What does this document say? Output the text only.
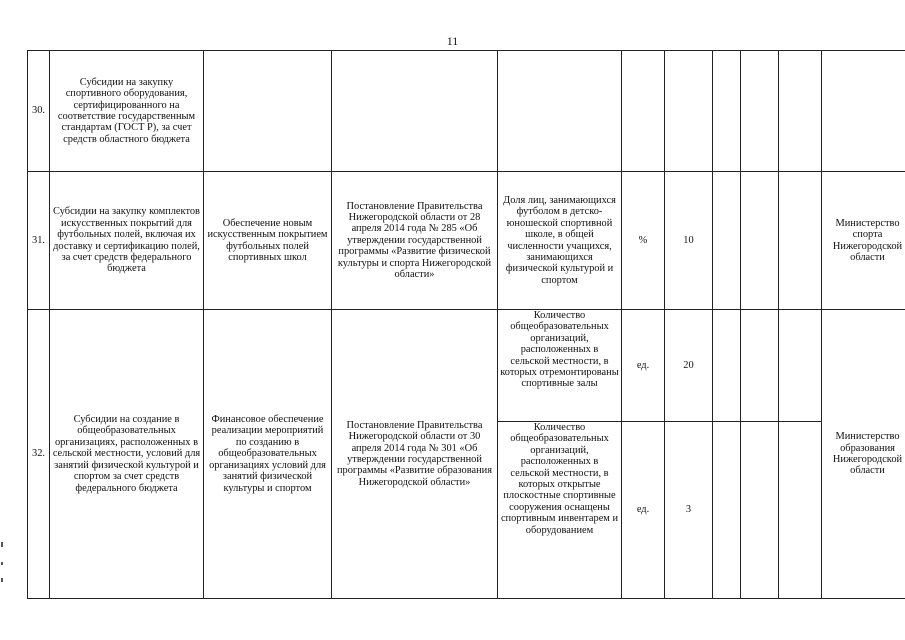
11
30.	Субсидии на закупку спортивного оборудования, сертифицированного на соответствие государственным стандартам (ГОСТ Р), за счет средств областного бюджета									
31.	Субсидии на закупку комплектов искусственных покрытий для футбольных полей, включая их доставку и сертификацию полей, за счет средств федерального бюджета	Обеспечение новым искусственным покрытием футбольных полей спортивных школ	Постановление Правительства Нижегородской области от 28 апреля 2014 года № 285 «Об утверждении государственной программы «Развитие физической культуры и спорта Нижегородской области»	Доля лиц, занимающихся футболом в детско-юношеской спортивной школе, в общей численности учащихся, занимающихся физической культурой и спортом	%	10				Министерство спорта Нижегородской области
32.	Субсидии на создание в общеобразовательных организациях, расположенных в сельской местности, условий для занятий физической культурой и спортом за счет средств федерального бюджета	Финансовое обеспечение реализации мероприятий по созданию в общеобразовательных организациях условий для занятий физической культуры и спортом	Постановление Правительства Нижегородской области от 30 апреля 2014 года № 301 «Об утверждении государственной программы «Развитие образования Нижегородской области»	Количество общеобразовательных организаций, расположенных в сельской местности, в которых отремонтированы спортивные залы	ед.	20				Министерство образования Нижегородской области
				Количество общеобразовательных организаций, расположенных в сельской местности, в которых открытые плоскостные спортивные сооружения оснащены спортивным инвентарем и оборудованием	ед.	3				
